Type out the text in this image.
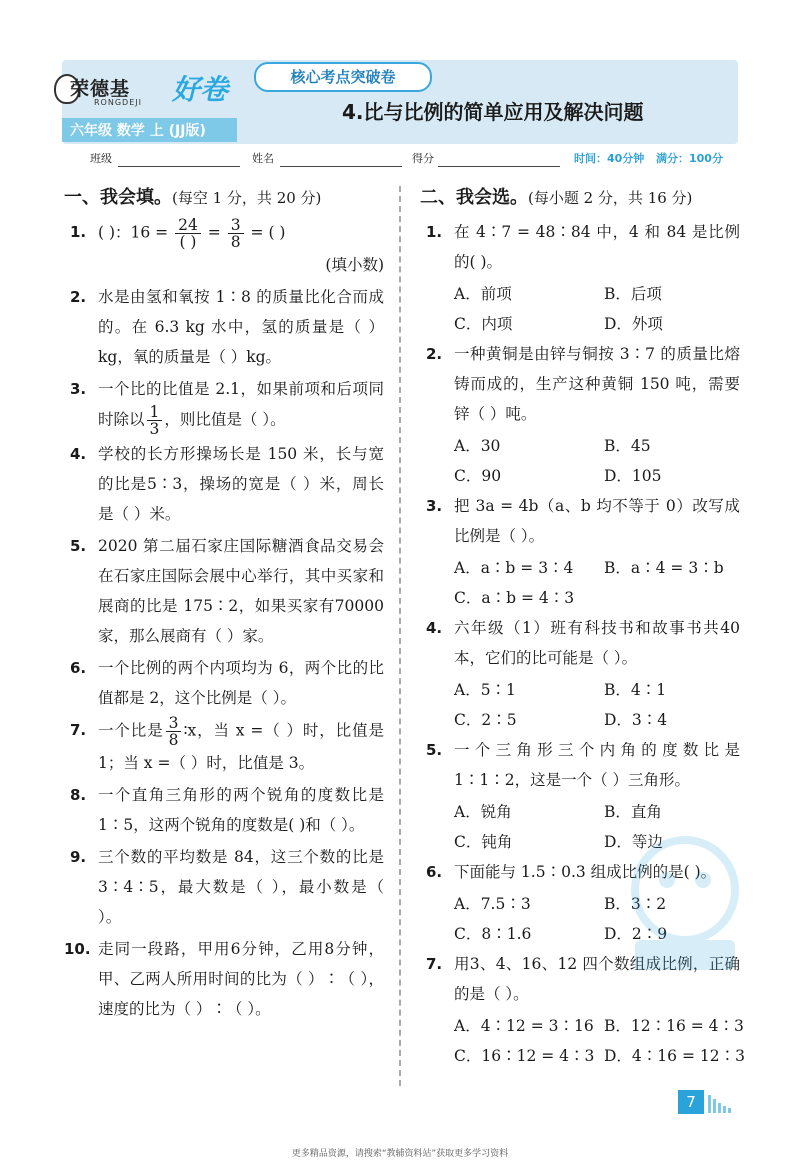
荣德基
RONGDEJI 好卷
六年级 数学 上 (JJ版)
核心考点突破卷
4.比与比例的简单应用及解决问题
班级	姓名	得分	时间：40分钟 满分：100分
一、我会填。(每空 1 分，共 20 分)
1. ( )：$16 = \frac{24}{( )} = \frac{3}{8}$ = ( )
(填小数)
2. 水是由氢和氧按 1∶8 的质量比化合而成的。在 6.3 kg 水中，氢的质量是（ ）kg，氧的质量是（ ）kg。
3. 一个比的比值是 2.1，如果前项和后项同时除以 $\frac{1}{3}$ ，则比值是（ ）。
4. 学校的长方形操场长是 150 米，长与宽的比是5∶3，操场的宽是（ ）米，周长是（ ）米。
5. 2020 第二届石家庄国际糖酒食品交易会在石家庄国际会展中心举行，其中买家和展商的比是 175∶2，如果买家有70000 家，那么展商有（ ）家。
6. 一个比例的两个内项均为 6，两个比的比值都是 2，这个比例是（ ）。
7. 一个比是 $\frac{3}{8}$ ∶x，当 x =（ ）时，比值是 1；当 x =（ ）时，比值是 3。
8. 一个直角三角形的两个锐角的度数比是1∶5，这两个锐角的度数是( )和（ ）。
9. 三个数的平均数是 84，这三个数的比是3∶4∶5，最大数是（ ），最小数是（ ）。
10. 走同一段路，甲用6分钟，乙用8分钟，甲、乙两人所用时间的比为（ ）∶（ ），速度的比为（ ）∶（ ）。
二、我会选。(每小题 2 分，共 16 分)
1. 在 4∶7 = 48∶84 中，4 和 84 是比例的( )。
A．前项	B．后项
C．内项	D．外项
2. 一种黄铜是由锌与铜按 3∶7 的质量比熔铸而成的，生产这种黄铜 150 吨，需要锌（ ）吨。
A．30	B．45
C．90	D．105
3. 把 3a = 4b（a、b 均不等于 0）改写成比例是（ ）。
A．a∶b = 3∶4	B．a∶4 = 3∶b
C．a∶b = 4∶3
4. 六年级（1）班有科技书和故事书共40 本，它们的比可能是（ ）。
A．5∶1	B．4∶1
C．2∶5	D．3∶4
5. 一个三角形三个内角的度数比是 1∶1∶2，这是一个（ ）三角形。
A．锐角	B．直角
C．钝角	D．等边
6. 下面能与 1.5∶0.3 组成比例的是( )。
A．7.5∶3	B．3∶2
C．8∶1.6	D．2∶9
7. 用3、4、16、12 四个数组成比例，正确的是（ ）。
A．4∶12 = 3∶16 B．12∶16 = 4∶3
C．16∶12 = 4∶3 D．4∶16 = 12∶3
7
更多精品资源，请搜索“教辅资料站”获取更多学习资料
